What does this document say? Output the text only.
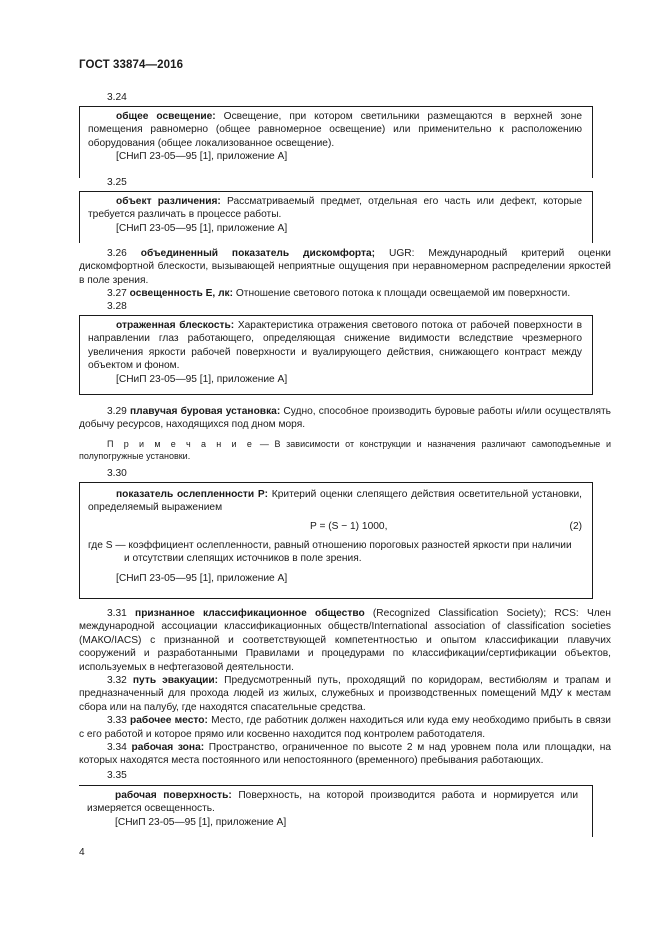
ГОСТ 33874—2016
3.24

общее освещение: Освещение, при котором светильники размещаются в верхней зоне помещения равномерно (общее равномерное освещение) или применительно к расположению оборудования (общее локализованное освещение).

[СНиП 23-05—95 [1], приложение А]

3.25

объект различения: Рассматриваемый предмет, отдельная его часть или дефект, которые требуется различать в процессе работы.

[СНиП 23-05—95 [1], приложение А]

3.26 объединенный показатель дискомфорта; UGR: Международный критерий оценки дискомфортной блескости, вызывающей неприятные ощущения при неравномерном распределении яркостей в поле зрения.

3.27 освещенность E, лк: Отношение светового потока к площади освещаемой им поверхности.

3.28

отраженная блескость: Характеристика отражения светового потока от рабочей поверхности в направлении глаз работающего, определяющая снижение видимости вследствие чрезмерного увеличения яркости рабочей поверхности и вуалирующего действия, снижающего контраст между объектом и фоном.

[СНиП 23-05—95 [1], приложение А]

3.29 плавучая буровая установка: Судно, способное производить буровые работы и/или осуществлять добычу ресурсов, находящихся под дном моря.

П р и м е ч а н и е — В зависимости от конструкции и назначения различают самоподъемные и полупогружные установки.

3.30

показатель ослепленности P: Критерий оценки слепящего действия осветительной установки, определяемый выражением

P = (S − 1) 1000,	(2)

где S — коэффициент ослепленности, равный отношению пороговых разностей яркости при наличии

и отсутствии слепящих источников в поле зрения.

[СНиП 23-05—95 [1], приложение А]

3.31 признанное классификационное общество (Recognized Classification Society); RCS: Член международной ассоциации классификационных обществ/International association of classification societies (МАКО/IACS) с признанной и соответствующей компетентностью и опытом классификации плавучих сооружений и разработанными Правилами и процедурами по классификации/сертификации объектов, используемых в нефтегазовой деятельности.

3.32 путь эвакуации: Предусмотренный путь, проходящий по коридорам, вестибюлям и трапам и предназначенный для прохода людей из жилых, служебных и производственных помещений МДУ к местам сбора или на палубу, где находятся спасательные средства.

3.33 рабочее место: Место, где работник должен находиться или куда ему необходимо прибыть в связи с его работой и которое прямо или косвенно находится под контролем работодателя.

3.34 рабочая зона: Пространство, ограниченное по высоте 2 м над уровнем пола или площадки, на которых находятся места постоянного или непостоянного (временного) пребывания работающих.

3.35

рабочая поверхность: Поверхность, на которой производится работа и нормируется или измеряется освещенность.

[СНиП 23-05—95 [1], приложение А]

4
